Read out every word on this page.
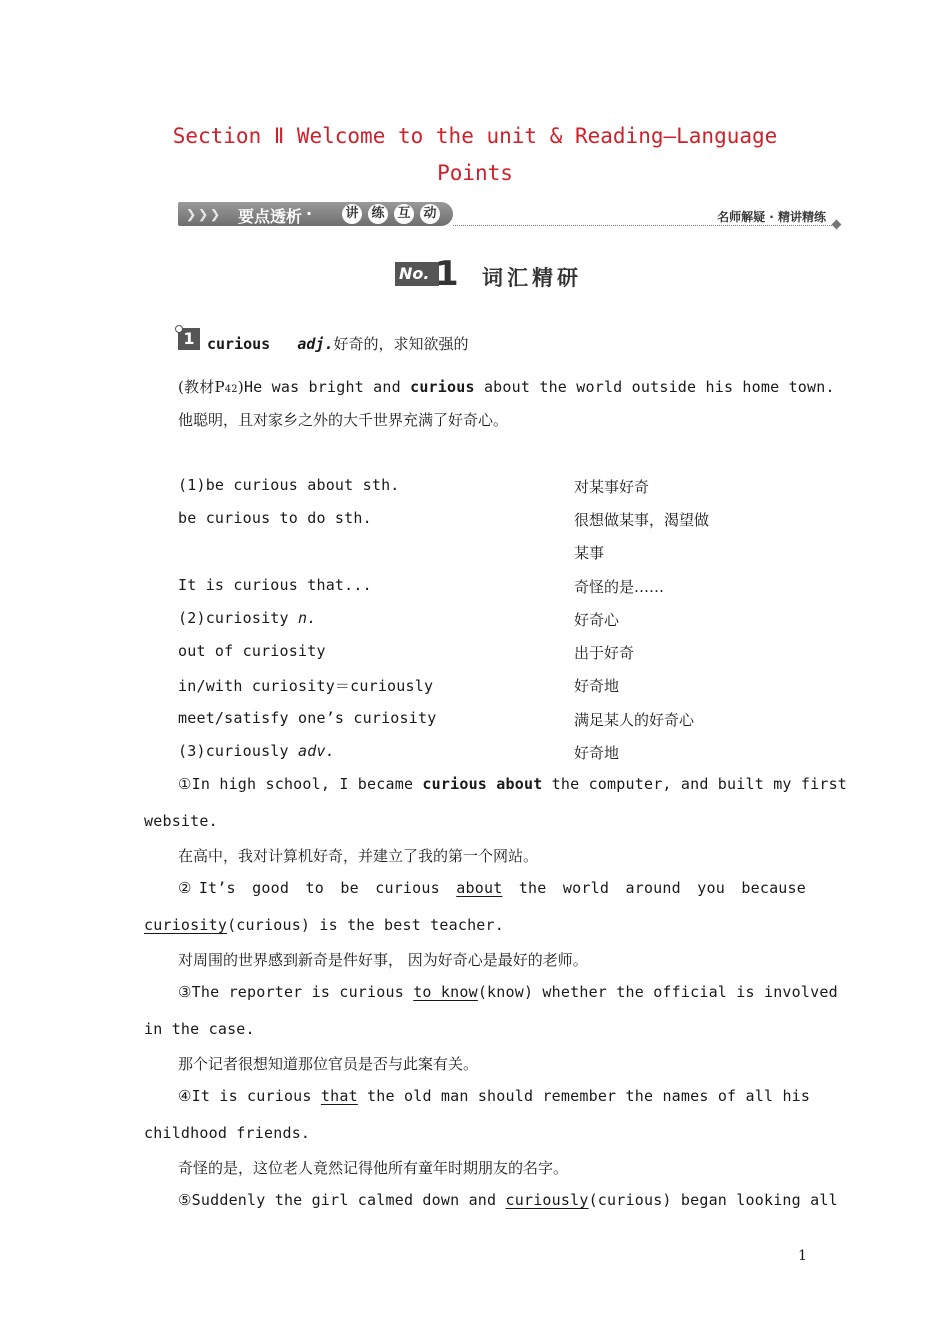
Section Ⅱ Welcome to the unit & Reading—Language
Points
❯ ❯ ❯ 要点透析 ·	讲 练 互 动	名师解疑 · 精讲精练
No. 1 词汇精研
1 curious adj.好奇的，求知欲强的
(教材P42)He was bright and curious about the world outside his home town.
他聪明，且对家乡之外的大千世界充满了好奇心。
(1)be curious about sth.	对某事好奇
be curious to do sth.	很想做某事，渴望做
某事
It is curious that...	奇怪的是……
(2)curiosity n.	好奇心
out of curiosity	出于好奇
in/with curiosity＝curiously	好奇地
meet/satisfy one’s curiosity	满足某人的好奇心
(3)curiously adv.	好奇地
①In high school, I became curious about the computer, and built my first
website.
在高中，我对计算机好奇，并建立了我的第一个网站。
②It’s good to be curious about the world around you because
curiosity(curious) is the best teacher.
对周围的世界感到新奇是件好事， 因为好奇心是最好的老师。
③The reporter is curious to know(know) whether the official is involved
in the case.
那个记者很想知道那位官员是否与此案有关。
④It is curious that the old man should remember the names of all his
childhood friends.
奇怪的是，这位老人竟然记得他所有童年时期朋友的名字。
⑤Suddenly the girl calmed down and curiously(curious) began looking all
1
